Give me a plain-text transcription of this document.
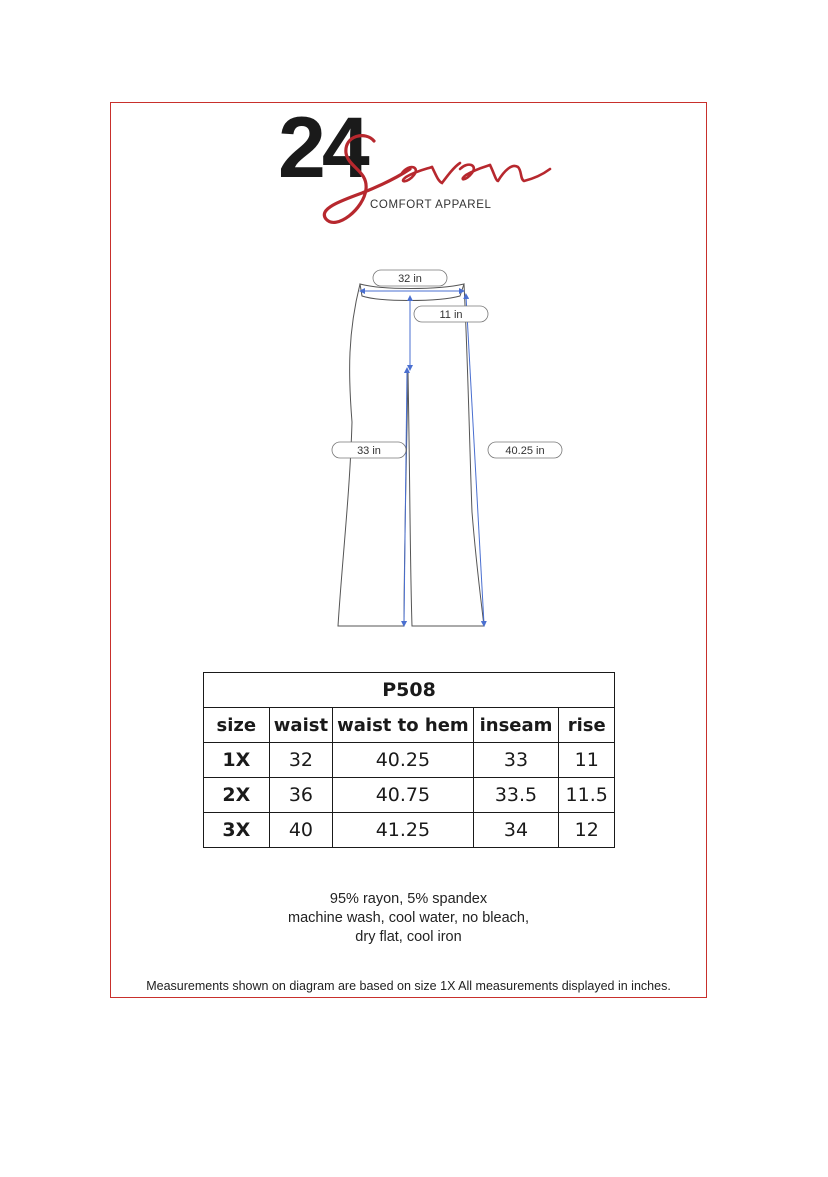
24
COMFORT APPAREL
32 in
11 in
33 in	40.25 in
P508				
size	waist	waist to hem	inseam	rise
1X	32	40.25	33	11
2X	36	40.75	33.5	11.5
3X	40	41.25	34	12
95% rayon, 5% spandex
machine wash, cool water, no bleach,
dry flat, cool iron
Measurements shown on diagram are based on size 1X All measurements displayed in inches.
